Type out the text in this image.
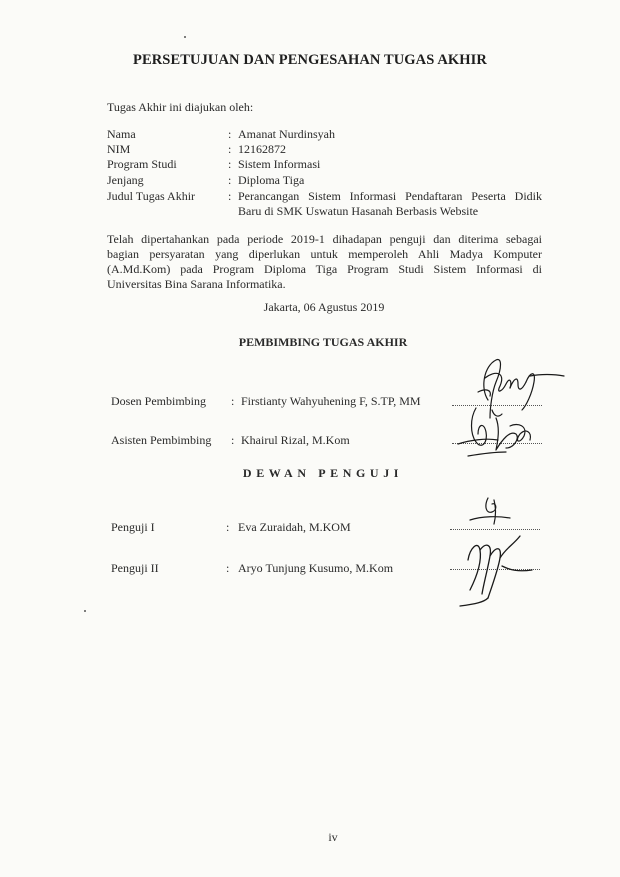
PERSETUJUAN DAN PENGESAHAN TUGAS AKHIR
Tugas Akhir ini diajukan oleh:
Nama	: Amanat Nurdinsyah
NIM	: 12162872
Program Studi	: Sistem Informasi
Jenjang	: Diploma Tiga
Judul Tugas Akhir	: Perancangan Sistem Informasi Pendaftaran Peserta Didik
Baru di SMK Uswatun Hasanah Berbasis Website
Telah dipertahankan pada periode 2019-1 dihadapan penguji dan diterima sebagai
bagian persyaratan yang diperlukan untuk memperoleh Ahli Madya Komputer
(A.Md.Kom) pada Program Diploma Tiga Program Studi Sistem Informasi di
Universitas Bina Sarana Informatika.
Jakarta, 06 Agustus 2019
PEMBIMBING TUGAS AKHIR
Dosen Pembimbing : Firstianty Wahyuhening F, S.TP, MM
Asisten Pembimbing : Khairul Rizal, M.Kom
DEWAN PENGUJI
Penguji I	: Eva Zuraidah, M.KOM
Penguji II	: Aryo Tunjung Kusumo, M.Kom
iv
